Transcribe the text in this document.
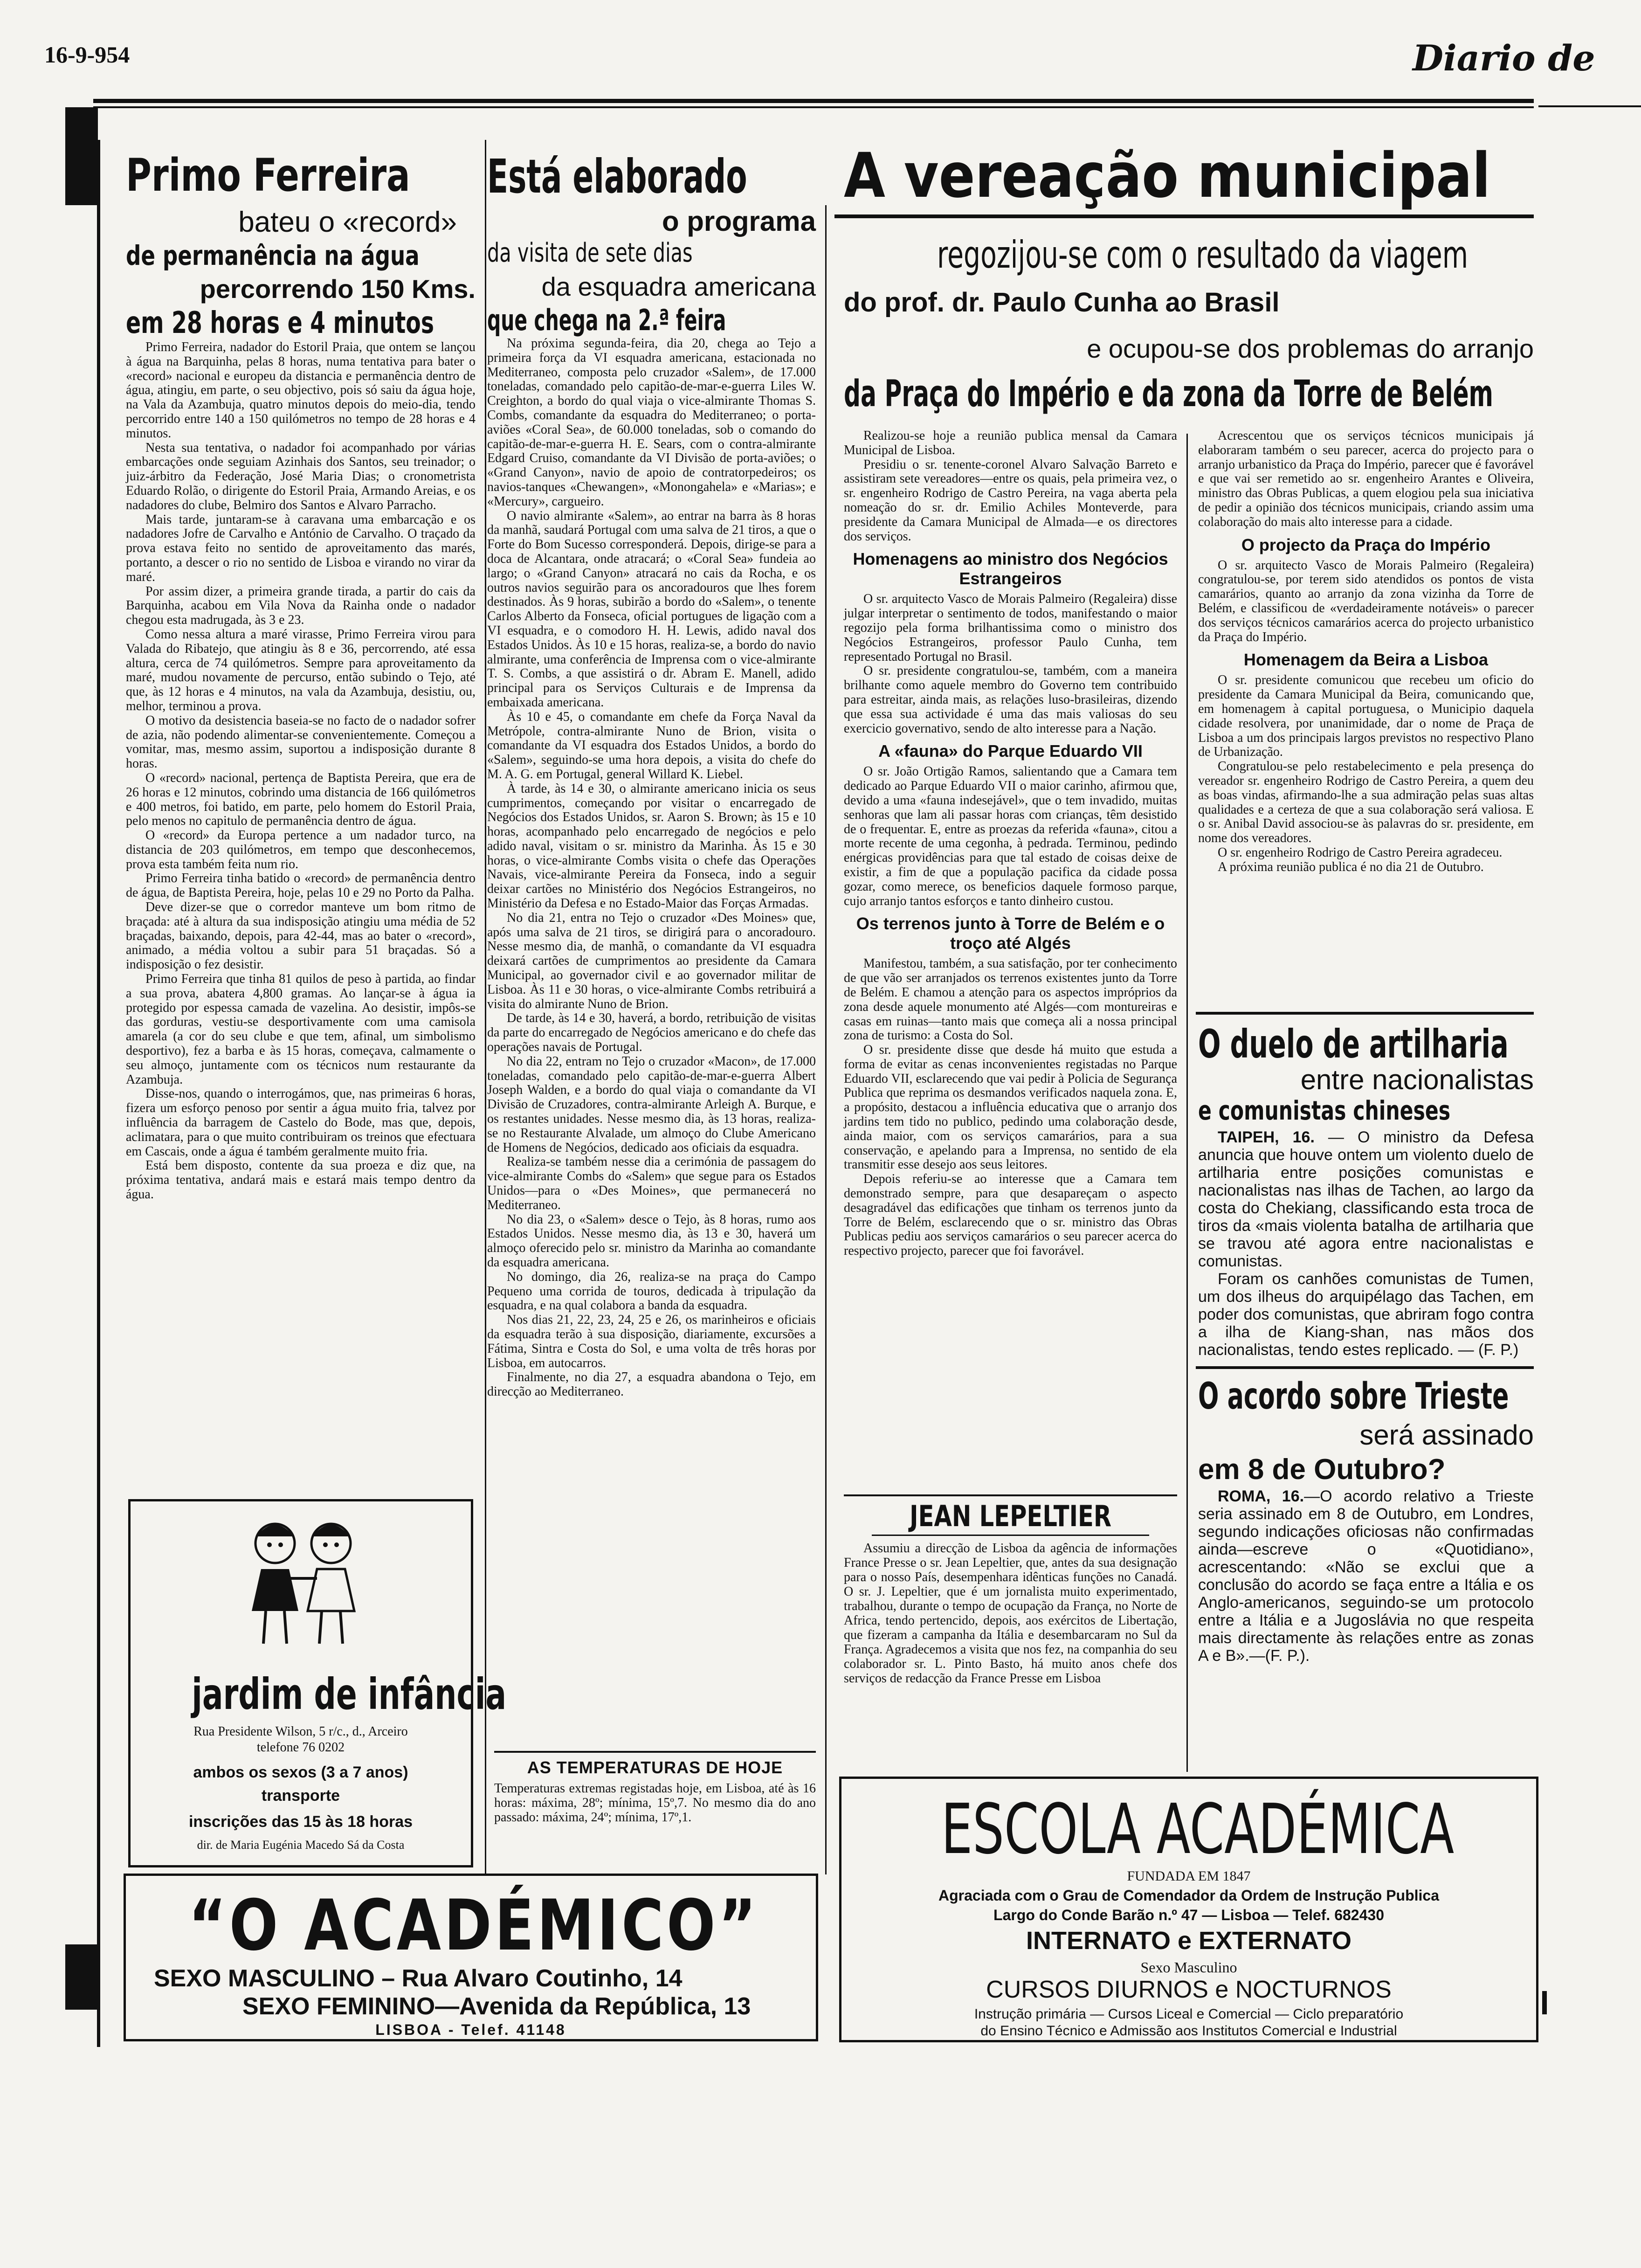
16-9-954	Diario de
Primo Ferreira
bateu o «record»
de permanência na água
percorrendo 150 Kms.
em 28 horas e 4 minutos

Primo Ferreira, nadador do Estoril Praia, que ontem se lançou à água na Barquinha, pelas 8 horas, numa tentativa para bater o «record» nacional e europeu da distancia e permanência dentro de água, atingiu, em parte, o seu objectivo, pois só saiu da água hoje, na Vala da Azambuja, quatro minutos depois do meio-dia, tendo percorrido entre 140 a 150 quilómetros no tempo de 28 horas e 4 minutos.

Nesta sua tentativa, o nadador foi acompanhado por várias embarcações onde seguiam Azinhais dos Santos, seu treinador; o juiz-árbitro da Federação, José Maria Dias; o cronometrista Eduardo Rolão, o dirigente do Estoril Praia, Armando Areias, e os nadadores do clube, Belmiro dos Santos e Alvaro Parracho.

Mais tarde, juntaram-se à caravana uma embarcação e os nadadores Jofre de Carvalho e António de Carvalho. O traçado da prova estava feito no sentido de aproveitamento das marés, portanto, a descer o rio no sentido de Lisboa e virando no virar da maré.

Por assim dizer, a primeira grande tirada, a partir do cais da Barquinha, acabou em Vila Nova da Rainha onde o nadador chegou esta madrugada, às 3 e 23.

Como nessa altura a maré virasse, Primo Ferreira virou para Valada do Ribatejo, que atingiu às 8 e 36, percorrendo, até essa altura, cerca de 74 quilómetros. Sempre para aproveitamento da maré, mudou novamente de percurso, então subindo o Tejo, até que, às 12 horas e 4 minutos, na vala da Azambuja, desistiu, ou, melhor, terminou a prova.

O motivo da desistencia baseia-se no facto de o nadador sofrer de azia, não podendo alimentar-se convenientemente. Começou a vomitar, mas, mesmo assim, suportou a indisposição durante 8 horas.

O «record» nacional, pertença de Baptista Pereira, que era de 26 horas e 12 minutos, cobrindo uma distancia de 166 quilómetros e 400 metros, foi batido, em parte, pelo homem do Estoril Praia, pelo menos no capitulo de permanência dentro de água.

O «record» da Europa pertence a um nadador turco, na distancia de 203 quilómetros, em tempo que desconhecemos, prova esta também feita num rio.

Primo Ferreira tinha batido o «record» de permanência dentro de água, de Baptista Pereira, hoje, pelas 10 e 29 no Porto da Palha.

Deve dizer-se que o corredor manteve um bom ritmo de braçada: até à altura da sua indisposição atingiu uma média de 52 braçadas, baixando, depois, para 42-44, mas ao bater o «record», animado, a média voltou a subir para 51 braçadas. Só a indisposição o fez desistir.

Primo Ferreira que tinha 81 quilos de peso à partida, ao findar a sua prova, abatera 4,800 gramas. Ao lançar-se à água ia protegido por espessa camada de vazelina. Ao desistir, impôs-se das gorduras, vestiu-se desportivamente com uma camisola amarela (a cor do seu clube e que tem, afinal, um simbolismo desportivo), fez a barba e às 15 horas, começava, calmamente o seu almoço, juntamente com os técnicos num restaurante da Azambuja.

Disse-nos, quando o interrogámos, que, nas primeiras 6 horas, fizera um esforço penoso por sentir a água muito fria, talvez por influência da barragem de Castelo do Bode, mas que, depois, aclimatara, para o que muito contribuiram os treinos que efectuara em Cascais, onde a água é também geralmente muito fria.

Está bem disposto, contente da sua proeza e diz que, na próxima tentativa, andará mais e estará mais tempo dentro da água.

jardim de infância
Rua Presidente Wilson, 5 r/c., d., Arceiro
telefone 76 0202
ambos os sexos (3 a 7 anos)
transporte
inscrições das 15 às 18 horas
dir. de Maria Eugénia Macedo Sá da Costa
Está elaborado
o programa
da visita de sete dias
da esquadra americana
que chega na 2.ª feira

Na próxima segunda-feira, dia 20, chega ao Tejo a primeira força da VI esquadra americana, estacionada no Mediterraneo, composta pelo cruzador «Salem», de 17.000 toneladas, comandado pelo capitão-de-mar-e-guerra Liles W. Creighton, a bordo do qual viaja o vice-almirante Thomas S. Combs, comandante da esquadra do Mediterraneo; o porta-aviões «Coral Sea», de 60.000 toneladas, sob o comando do capitão-de-mar-e-guerra H. E. Sears, com o contra-almirante Edgard Cruiso, comandante da VI Divisão de porta-aviões; o «Grand Canyon», navio de apoio de contratorpedeiros; os navios-tanques «Chewangen», «Monongahela» e «Marias»; e «Mercury», cargueiro.

O navio almirante «Salem», ao entrar na barra às 8 horas da manhã, saudará Portugal com uma salva de 21 tiros, a que o Forte do Bom Sucesso corresponderá. Depois, dirige-se para a doca de Alcantara, onde atracará; o «Coral Sea» fundeia ao largo; o «Grand Canyon» atracará no cais da Rocha, e os outros navios seguirão para os ancoradouros que lhes forem destinados. Às 9 horas, subirão a bordo do «Salem», o tenente Carlos Alberto da Fonseca, oficial portugues de ligação com a VI esquadra, e o comodoro H. H. Lewis, adido naval dos Estados Unidos. Às 10 e 15 horas, realiza-se, a bordo do navio almirante, uma conferência de Imprensa com o vice-almirante T. S. Combs, a que assistirá o dr. Abram E. Manell, adido principal para os Serviços Culturais e de Imprensa da embaixada americana.

Às 10 e 45, o comandante em chefe da Força Naval da Metrópole, contra-almirante Nuno de Brion, visita o comandante da VI esquadra dos Estados Unidos, a bordo do «Salem», seguindo-se uma hora depois, a visita do chefe do M. A. G. em Portugal, general Willard K. Liebel.

À tarde, às 14 e 30, o almirante americano inicia os seus cumprimentos, começando por visitar o encarregado de Negócios dos Estados Unidos, sr. Aaron S. Brown; às 15 e 10 horas, acompanhado pelo encarregado de negócios e pelo adido naval, visitam o sr. ministro da Marinha. Às 15 e 30 horas, o vice-almirante Combs visita o chefe das Operações Navais, vice-almirante Pereira da Fonseca, indo a seguir deixar cartões no Ministério dos Negócios Estrangeiros, no Ministério da Defesa e no Estado-Maior das Forças Armadas.

No dia 21, entra no Tejo o cruzador «Des Moines» que, após uma salva de 21 tiros, se dirigirá para o ancoradouro. Nesse mesmo dia, de manhã, o comandante da VI esquadra deixará cartões de cumprimentos ao presidente da Camara Municipal, ao governador civil e ao governador militar de Lisboa. Às 11 e 30 horas, o vice-almirante Combs retribuirá a visita do almirante Nuno de Brion.

De tarde, às 14 e 30, haverá, a bordo, retribuição de visitas da parte do encarregado de Negócios americano e do chefe das operações navais de Portugal.

No dia 22, entram no Tejo o cruzador «Macon», de 17.000 toneladas, comandado pelo capitão-de-mar-e-guerra Albert Joseph Walden, e a bordo do qual viaja o comandante da VI Divisão de Cruzadores, contra-almirante Arleigh A. Burque, e os restantes unidades. Nesse mesmo dia, às 13 horas, realiza-se no Restaurante Alvalade, um almoço do Clube Americano de Homens de Negócios, dedicado aos oficiais da esquadra.

Realiza-se também nesse dia a cerimónia de passagem do vice-almirante Combs do «Salem» que segue para os Estados Unidos—para o «Des Moines», que permanecerá no Mediterraneo.

No dia 23, o «Salem» desce o Tejo, às 8 horas, rumo aos Estados Unidos. Nesse mesmo dia, às 13 e 30, haverá um almoço oferecido pelo sr. ministro da Marinha ao comandante da esquadra americana.

No domingo, dia 26, realiza-se na praça do Campo Pequeno uma corrida de touros, dedicada à tripulação da esquadra, e na qual colabora a banda da esquadra.

Nos dias 21, 22, 23, 24, 25 e 26, os marinheiros e oficiais da esquadra terão à sua disposição, diariamente, excursões a Fátima, Sintra e Costa do Sol, e uma volta de três horas por Lisboa, em autocarros.

Finalmente, no dia 27, a esquadra abandona o Tejo, em direcção ao Mediterraneo.

AS TEMPERATURAS DE HOJE
Temperaturas extremas registadas hoje, em Lisboa, até às 16 horas: máxima, 28º; mínima, 15º,7. No mesmo dia do ano passado: máxima, 24º; mínima, 17º,1.
“O ACADÉMICO”
SEXO MASCULINO – Rua Alvaro Coutinho, 14
SEXO FEMININO—Avenida da República, 13
LISBOA - Telef. 41148
A vereação municipal
regozijou-se com o resultado da viagem
do prof. dr. Paulo Cunha ao Brasil
e ocupou-se dos problemas do arranjo
da Praça do Império e da zona da Torre de Belém

Realizou-se hoje a reunião publica mensal da Camara Municipal de Lisboa.

Presidiu o sr. tenente-coronel Alvaro Salvação Barreto e assistiram sete vereadores—entre os quais, pela primeira vez, o sr. engenheiro Rodrigo de Castro Pereira, na vaga aberta pela nomeação do sr. dr. Emilio Achiles Monteverde, para presidente da Camara Municipal de Almada—e os directores dos serviços.

Homenagens ao ministro dos Negócios Estrangeiros

O sr. arquitecto Vasco de Morais Palmeiro (Regaleira) disse julgar interpretar o sentimento de todos, manifestando o maior regozijo pela forma brilhantissima como o ministro dos Negócios Estrangeiros, professor Paulo Cunha, tem representado Portugal no Brasil.

O sr. presidente congratulou-se, também, com a maneira brilhante como aquele membro do Governo tem contribuido para estreitar, ainda mais, as relações luso-brasileiras, dizendo que essa sua actividade é uma das mais valiosas do seu exercicio governativo, sendo de alto interesse para a Nação.

A «fauna» do Parque Eduardo VII

O sr. João Ortigão Ramos, salientando que a Camara tem dedicado ao Parque Eduardo VII o maior carinho, afirmou que, devido a uma «fauna indesejável», que o tem invadido, muitas senhoras que lam ali passar horas com crianças, têm desistido de o frequentar. E, entre as proezas da referida «fauna», citou a morte recente de uma cegonha, à pedrada. Terminou, pedindo enérgicas providências para que tal estado de coisas deixe de existir, a fim de que a população pacifica da cidade possa gozar, como merece, os beneficios daquele formoso parque, cujo arranjo tantos esforços e tanto dinheiro custou.

Os terrenos junto à Torre de Belém e o troço até Algés

Manifestou, também, a sua satisfação, por ter conhecimento de que vão ser arranjados os terrenos existentes junto da Torre de Belém. E chamou a atenção para os aspectos impróprios da zona desde aquele monumento até Algés—com montureiras e casas em ruinas—tanto mais que começa ali a nossa principal zona de turismo: a Costa do Sol.

O sr. presidente disse que desde há muito que estuda a forma de evitar as cenas inconvenientes registadas no Parque Eduardo VII, esclarecendo que vai pedir à Policia de Segurança Publica que reprima os desmandos verificados naquela zona. E, a propósito, destacou a influência educativa que o arranjo dos jardins tem tido no publico, pedindo uma colaboração desde, ainda maior, com os serviços camarários, para a sua conservação, e apelando para a Imprensa, no sentido de ela transmitir esse desejo aos seus leitores.

Depois referiu-se ao interesse que a Camara tem demonstrado sempre, para que desapareçam o aspecto desagradável das edificações que tinham os terrenos junto da Torre de Belém, esclarecendo que o sr. ministro das Obras Publicas pediu aos serviços camarários o seu parecer acerca do respectivo projecto, parecer que foi favorável.

Acrescentou que os serviços técnicos municipais já elaboraram também o seu parecer, acerca do projecto para o arranjo urbanistico da Praça do Império, parecer que é favorável e que vai ser remetido ao sr. engenheiro Arantes e Oliveira, ministro das Obras Publicas, a quem elogiou pela sua iniciativa de pedir a opinião dos técnicos municipais, criando assim uma colaboração do mais alto interesse para a cidade.

O projecto da Praça do Império

O sr. arquitecto Vasco de Morais Palmeiro (Regaleira) congratulou-se, por terem sido atendidos os pontos de vista camarários, quanto ao arranjo da zona vizinha da Torre de Belém, e classificou de «verdadeiramente notáveis» o parecer dos serviços técnicos camarários acerca do projecto urbanistico da Praça do Império.

Homenagem da Beira a Lisboa

O sr. presidente comunicou que recebeu um oficio do presidente da Camara Municipal da Beira, comunicando que, em homenagem à capital portuguesa, o Municipio daquela cidade resolvera, por unanimidade, dar o nome de Praça de Lisboa a um dos principais largos previstos no respectivo Plano de Urbanização.

Congratulou-se pelo restabelecimento e pela presença do vereador sr. engenheiro Rodrigo de Castro Pereira, a quem deu as boas vindas, afirmando-lhe a sua admiração pelas suas altas qualidades e a certeza de que a sua colaboração será valiosa. E o sr. Anibal David associou-se às palavras do sr. presidente, em nome dos vereadores.

O sr. engenheiro Rodrigo de Castro Pereira agradeceu.

A próxima reunião publica é no dia 21 de Outubro.

O duelo de artilharia
entre nacionalistas
e comunistas chineses

TAIPEH, 16. — O ministro da Defesa anuncia que houve ontem um violento duelo de artilharia entre posições comunistas e nacionalistas nas ilhas de Tachen, ao largo da costa do Chekiang, classificando esta troca de tiros da «mais violenta batalha de artilharia que se travou até agora entre nacionalistas e comunistas.

Foram os canhões comunistas de Tumen, um dos ilheus do arquipélago das Tachen, em poder dos comunistas, que abriram fogo contra a ilha de Kiang-shan, nas mãos dos nacionalistas, tendo estes replicado. — (F. P.)

O acordo sobre Trieste
será assinado
em 8 de Outubro?

ROMA, 16.—O acordo relativo a Trieste seria assinado em 8 de Outubro, em Londres, segundo indicações oficiosas não confirmadas ainda—escreve o «Quotidiano», acrescentando: «Não se exclui que a conclusão do acordo se faça entre a Itália e os Anglo-americanos, seguindo-se um protocolo entre a Itália e a Jugoslávia no que respeita mais directamente às relações entre as zonas A e B».—(F. P.).

JEAN LEPELTIER

Assumiu a direcção de Lisboa da agência de informações France Presse o sr. Jean Lepeltier, que, antes da sua designação para o nosso País, desempenhara idênticas funções no Canadá. O sr. J. Lepeltier, que é um jornalista muito experimentado, trabalhou, durante o tempo de ocupação da França, no Norte de Africa, tendo pertencido, depois, aos exércitos de Libertação, que fizeram a campanha da Itália e desembarcaram no Sul da França. Agradecemos a visita que nos fez, na companhia do seu colaborador sr. L. Pinto Basto, há muito anos chefe dos serviços de redacção da France Presse em Lisboa

ESCOLA ACADÉMICA
FUNDADA EM 1847
Agraciada com o Grau de Comendador da Ordem de Instrução Publica
Largo do Conde Barão n.º 47 — Lisboa — Telef. 682430
INTERNATO e EXTERNATO
Sexo Masculino
CURSOS DIURNOS e NOCTURNOS
Instrução primária — Cursos Liceal e Comercial — Ciclo preparatório
do Ensino Técnico e Admissão aos Institutos Comercial e Industrial
